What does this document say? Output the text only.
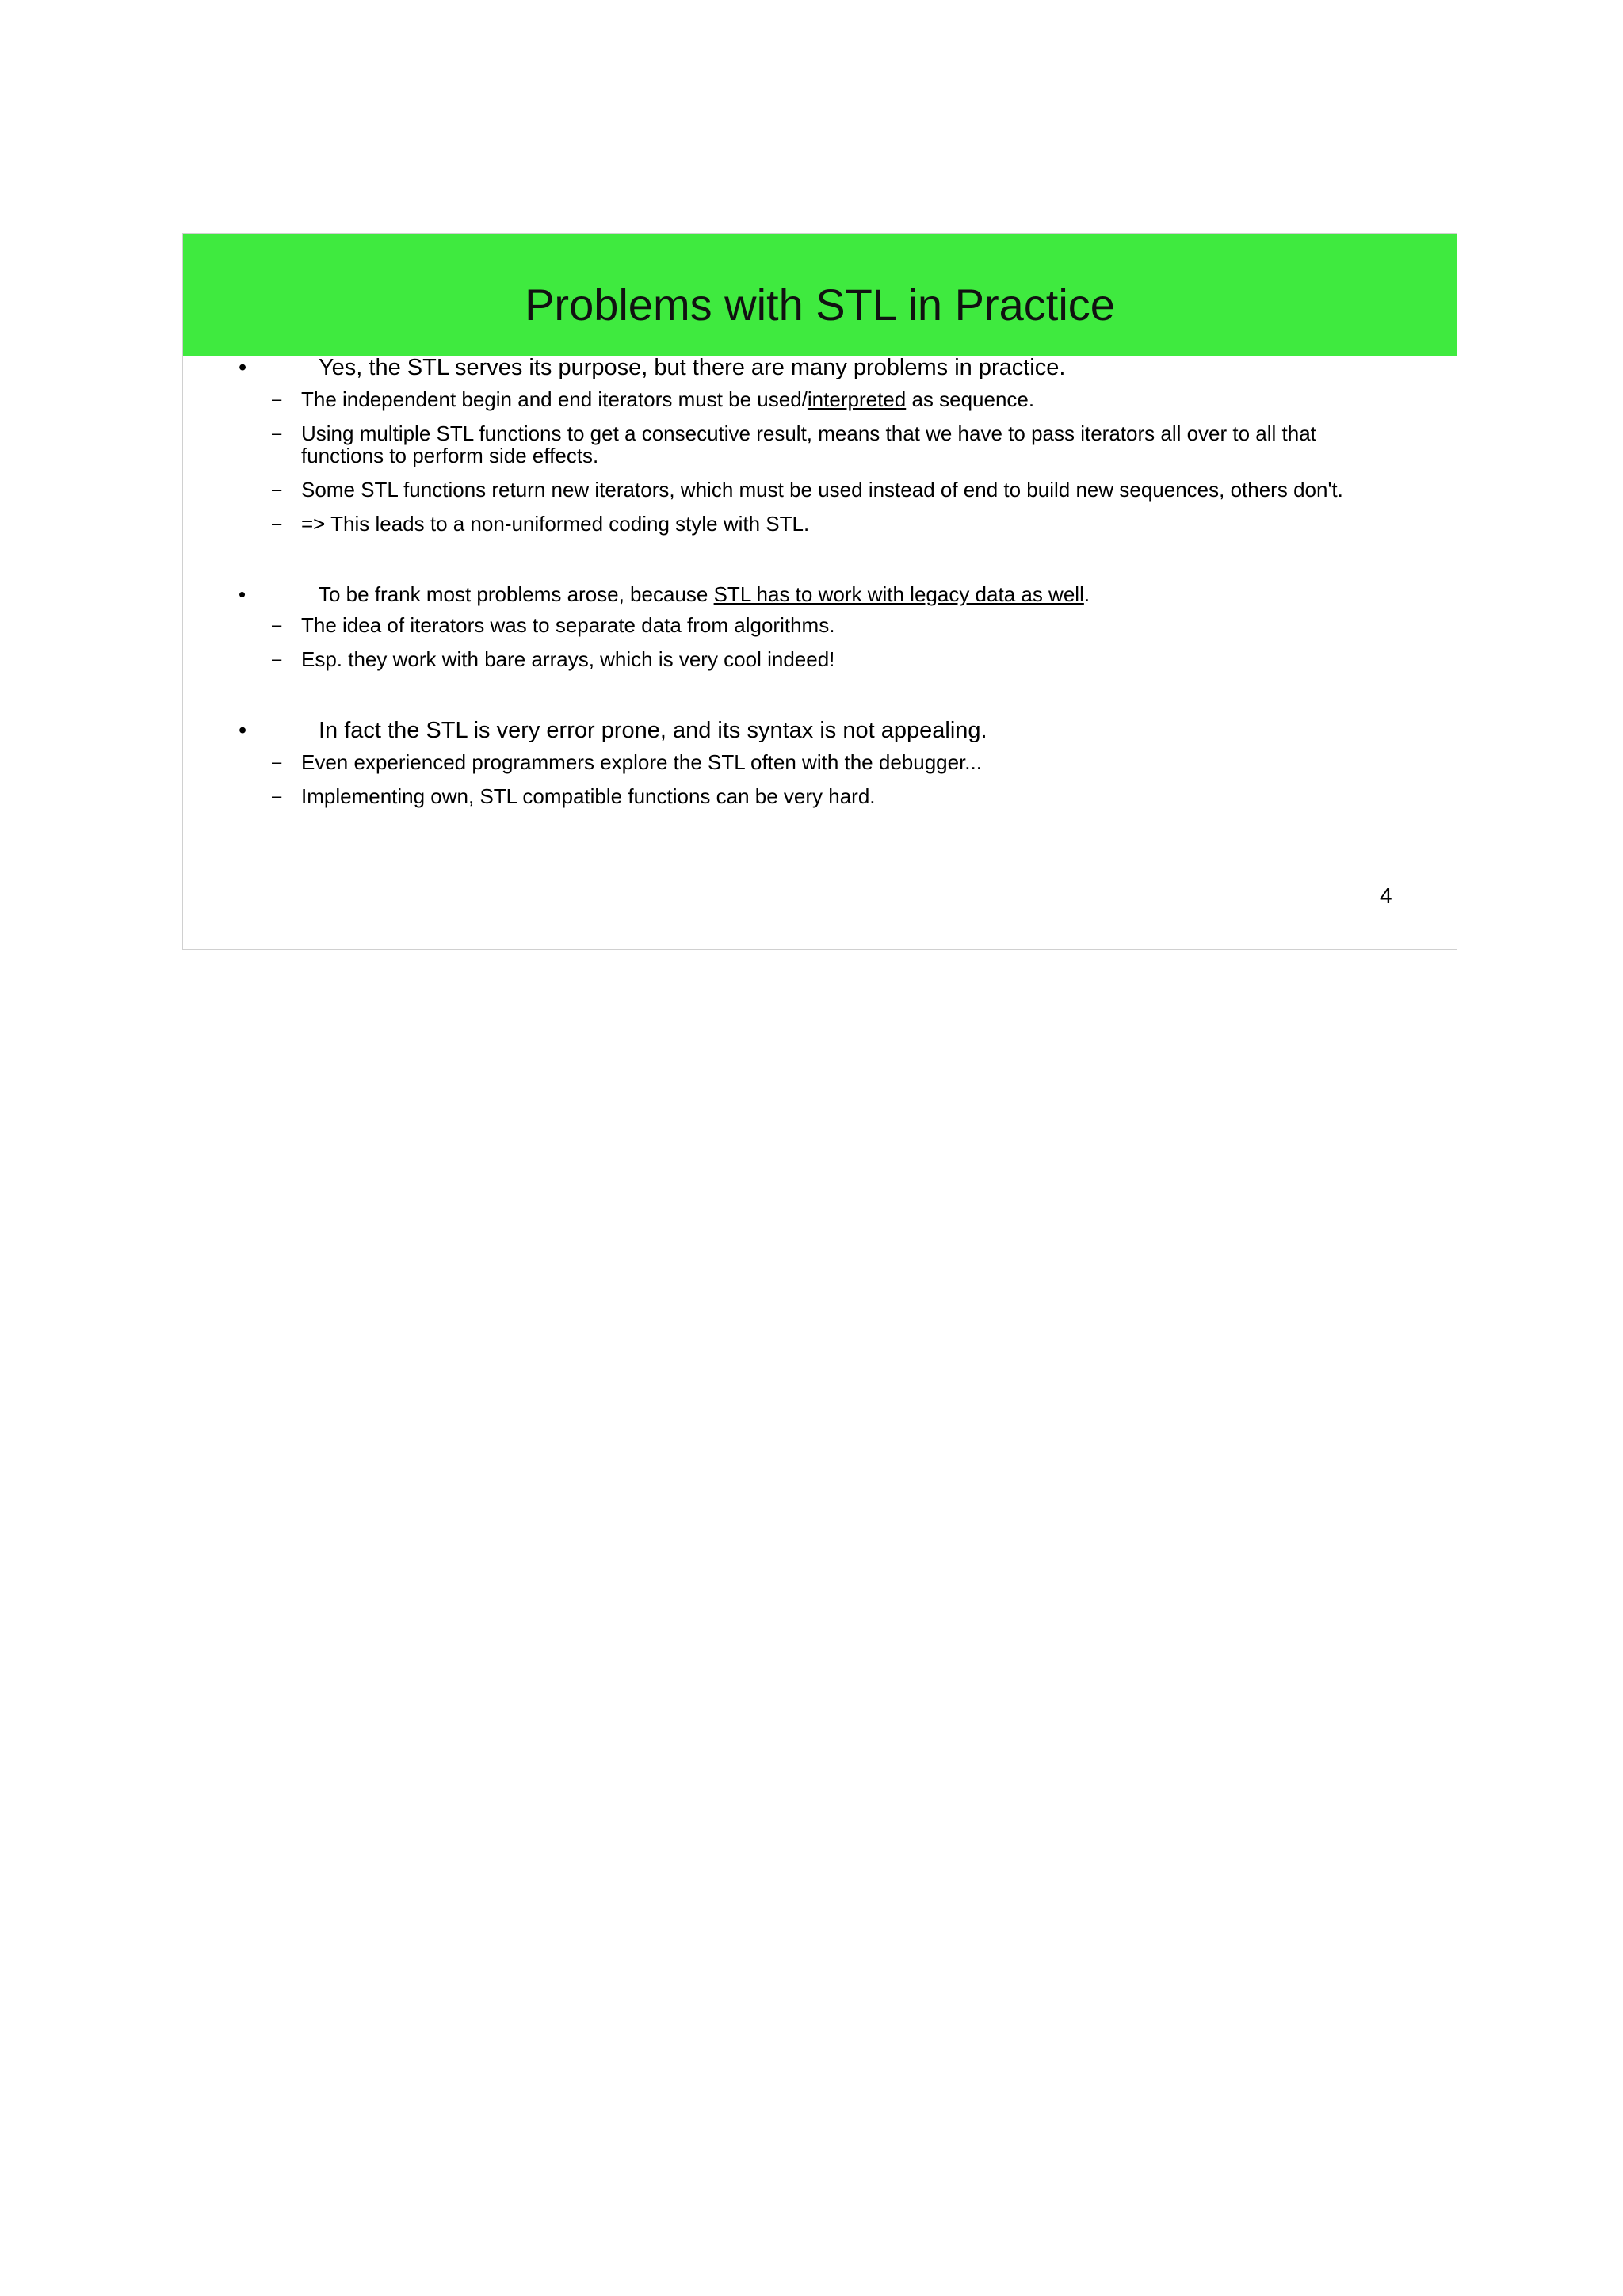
Problems with STL in Practice
•	Yes, the STL serves its purpose, but there are many problems in practice.
– The independent begin and end iterators must be used/interpreted as sequence.
– Using multiple STL functions to get a consecutive result, means that we have to pass iterators all over to all that functions to perform side effects.
– Some STL functions return new iterators, which must be used instead of end to build new sequences, others don't.
– => This leads to a non-uniformed coding style with STL.
•	To be frank most problems arose, because STL has to work with legacy data as well.
– The idea of iterators was to separate data from algorithms.
– Esp. they work with bare arrays, which is very cool indeed!
•	In fact the STL is very error prone, and its syntax is not appealing.
– Even experienced programmers explore the STL often with the debugger...
– Implementing own, STL compatible functions can be very hard.
4
